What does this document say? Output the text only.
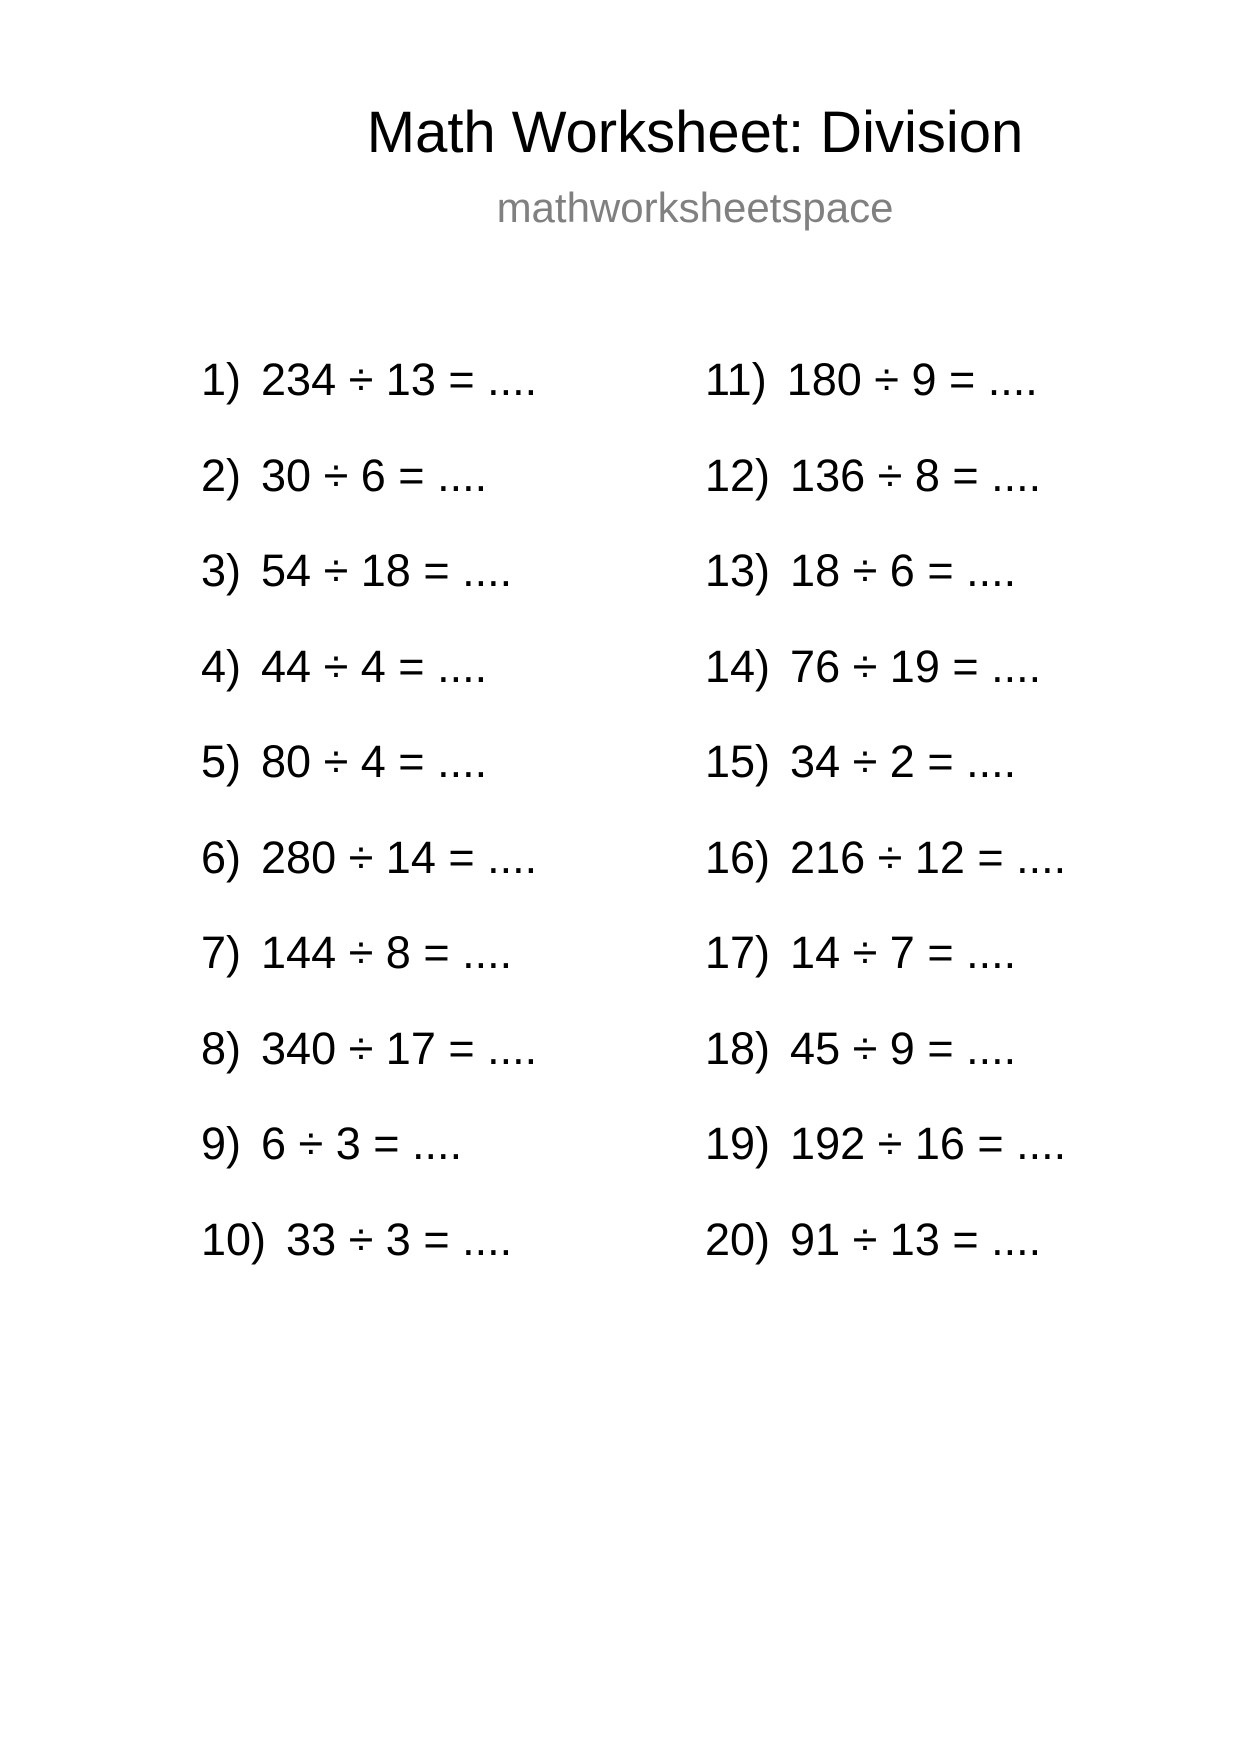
Math Worksheet: Division
mathworksheetspace
1) 234 ÷ 13 = ....
2) 30 ÷ 6 = ....
3) 54 ÷ 18 = ....
4) 44 ÷ 4 = ....
5) 80 ÷ 4 = ....
6) 280 ÷ 14 = ....
7) 144 ÷ 8 = ....
8) 340 ÷ 17 = ....
9) 6 ÷ 3 = ....
10) 33 ÷ 3 = ....
11) 180 ÷ 9 = ....
12) 136 ÷ 8 = ....
13) 18 ÷ 6 = ....
14) 76 ÷ 19 = ....
15) 34 ÷ 2 = ....
16) 216 ÷ 12 = ....
17) 14 ÷ 7 = ....
18) 45 ÷ 9 = ....
19) 192 ÷ 16 = ....
20) 91 ÷ 13 = ....
